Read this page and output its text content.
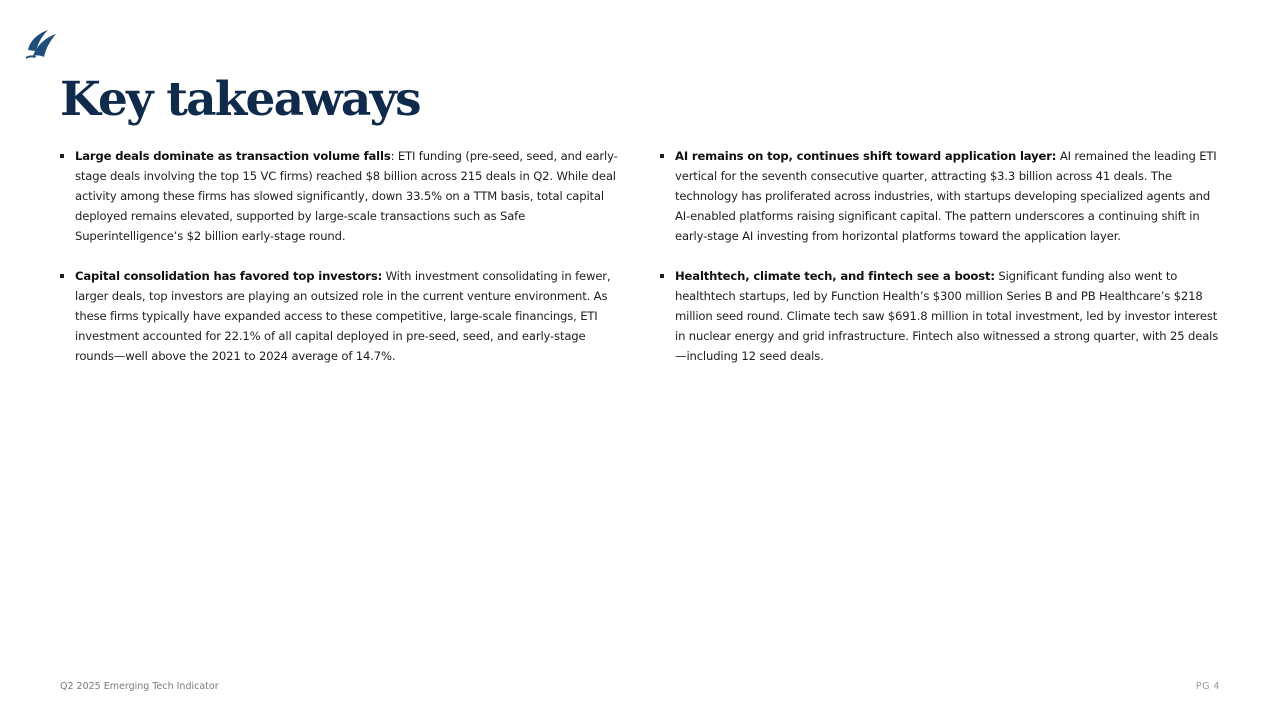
Key takeaways
Large deals dominate as transaction volume falls: ETI funding (pre-seed, seed, and early-stage deals involving the top 15 VC firms) reached $8 billion across 215 deals in Q2. While deal activity among these firms has slowed significantly, down 33.5% on a TTM basis, total capital deployed remains elevated, supported by large-scale transactions such as Safe Superintelligence’s $2 billion early-stage round.
Capital consolidation has favored top investors: With investment consolidating in fewer, larger deals, top investors are playing an outsized role in the current venture environment. As these firms typically have expanded access to these competitive, large-scale financings, ETI investment accounted for 22.1% of all capital deployed in pre-seed, seed, and early-stage rounds—well above the 2021 to 2024 average of 14.7%.
AI remains on top, continues shift toward application layer: AI remained the leading ETI vertical for the seventh consecutive quarter, attracting $3.3 billion across 41 deals. The technology has proliferated across industries, with startups developing specialized agents and AI-enabled platforms raising significant capital. The pattern underscores a continuing shift in early-stage AI investing from horizontal platforms toward the application layer.
Healthtech, climate tech, and fintech see a boost: Significant funding also went to healthtech startups, led by Function Health’s $300 million Series B and PB Healthcare’s $218 million seed round. Climate tech saw $691.8 million in total investment, led by investor interest in nuclear energy and grid infrastructure. Fintech also witnessed a strong quarter, with 25 deals—including 12 seed deals.
Q2 2025 Emerging Tech Indicator	PG 4
